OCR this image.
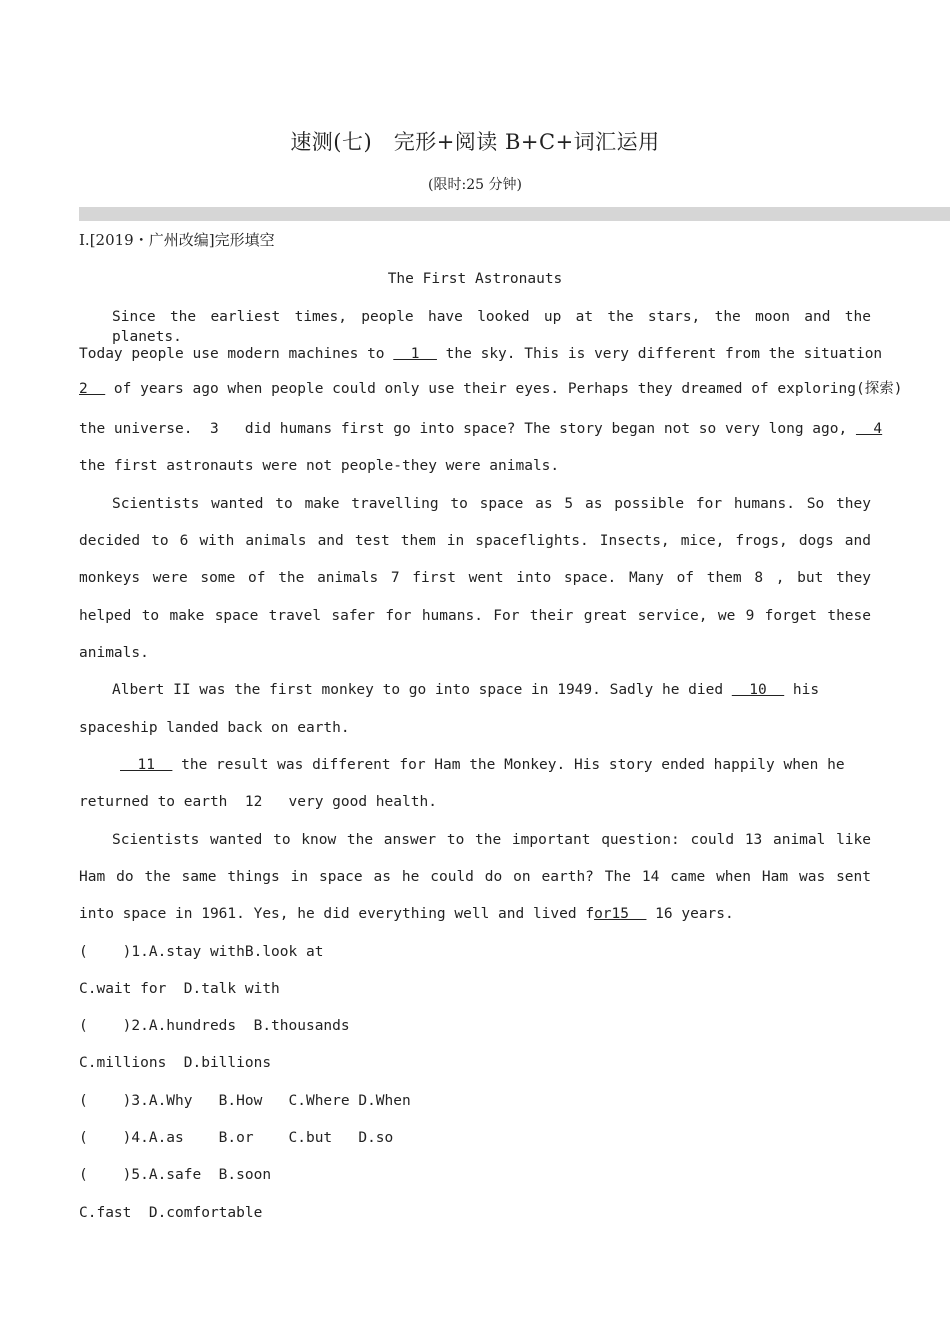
速测(七)　完形+阅读 B+C+词汇运用
(限时:25 分钟)
Ⅰ.[2019・广州改编]完形填空
The First Astronauts
Since the earliest times, people have looked up at the stars, the moon and the planets.
Today people use modern machines to   1   the sky. This is very different from the situation
2   of years ago when people could only use their eyes. Perhaps they dreamed of exploring(探索)
the universe.  3   did humans first go into space? The story began not so very long ago,   4
the first astronauts were not people-they were animals.
Scientists wanted to make travelling to space as 5 as possible for humans. So they
decided to 6 with animals and test them in spaceflights. Insects, mice, frogs, dogs and
monkeys were some of the animals 7 first went into space. Many of them 8 , but they
helped to make space travel safer for humans. For their great service, we 9 forget these
animals.
Albert II was the first monkey to go into space in 1949. Sadly he died   10   his
spaceship landed back on earth.
11   the result was different for Ham the Monkey. His story ended happily when he
returned to earth  12   very good health.
Scientists wanted to know the answer to the important question: could 13 animal like
Ham do the same things in space as he could do on earth? The 14 came when Ham was sent
into space in 1961. Yes, he did everything well and lived for15   16 years.
(    )1.A.stay withB.look at
C.wait for  D.talk with
(    )2.A.hundreds  B.thousands
C.millions  D.billions
(    )3.A.Why   B.How   C.Where D.When
(    )4.A.as    B.or    C.but   D.so
(    )5.A.safe  B.soon
C.fast  D.comfortable
